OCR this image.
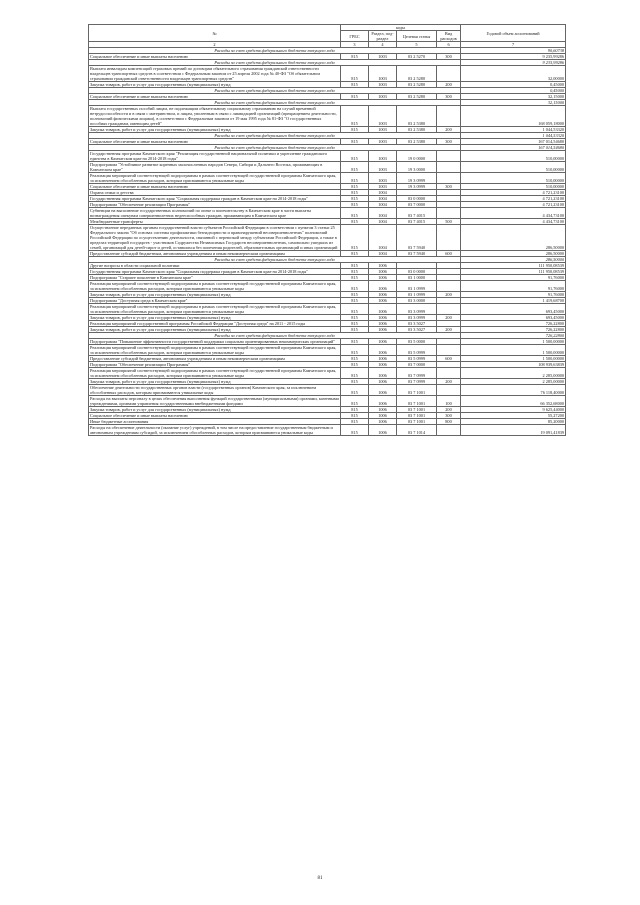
№	коды				Годовой объем ассигнований
	ГРБС	Раздел, под-раздел	Целевая статья	Вид расходов	
2	3	4	5	6	7
Расходы за счет средств федерального бюджета текущего года					90,60738
Социальное обеспечение и иные выплаты населению	815	1003	03 2 5270	300	9 235,99286
Расходы за счет средств федерального бюджета текущего года					9 235,99286
Выплата инвалидам компенсаций страховых премий по договорам обязательного страхования гражданской ответственности владельцев транспортных средств в соответствии с Федеральным законом от 25 апреля 2002 года № 40-ФЗ "Об обязательном страховании гражданской ответственности владельцев транспортных средств"	815	1003	03 2 5280		32,00000
Закупка товаров, работ и услуг для государственных (муниципальных) нужд	815	1003	03 2 5280	200	0,45000
Расходы за счет средств федерального бюджета текущего года					0,45000
Социальное обеспечение и иные выплаты населению	815	1003	03 2 5280	300	32,15000
Расходы за счет средств федерального бюджета текущего года					32,15000
Выплата государственных пособий лицам, не подлежащим обязательному социальному страхованию на случай временной нетрудоспособности и в связи с материнством, и лицам, уволенным в связи с ликвидацией организаций (прекращением деятельности, полномочий физическими лицами), в соответствии с Федеральным законом от 19 мая 1995 года № 81-ФЗ "О государственных пособиях гражданам, имеющим детей"	815	1003	03 2 5380		168 059,18000
Закупка товаров, работ и услуг для государственных (муниципальных) нужд	815	1003	03 2 5380	200	1 044,53320
Расходы за счет средств федерального бюджета текущего года					1 044,53320
Социальное обеспечение и иные выплаты населению	815	1003	03 2 5380	300	167 014,54680
Расходы за счет средств федерального бюджета текущего года					167 014,54680
Государственная программа Камчатского края "Реализация государственной национальной политики и укрепление гражданского единства в Камчатском крае на 2014-2018 годы"	815	1003	19 0 0000		510,00000
Подпрограмма "Устойчивое развитие коренных малочисленных народов Севера, Сибири и Дальнего Востока, проживающих в Камчатском крае"	815	1003	19 3 0000		510,00000
Реализация мероприятий соответствующей подпрограммы в рамках соответствующей государственной программы Камчатского края, за исключением обособленных расходов, которым присваиваются уникальные коды	815	1003	19 3 0999		510,00000
Социальное обеспечение и иные выплаты населению	815	1003	19 3 0999	300	510,00000
Охрана семьи и детства	815	1004			4 721,23100
Государственная программа Камчатского края "Социальная поддержка граждан в Камчатском крае на 2014-2018 годы"	815	1004	03 0 0000		4 721,23100
Подпрограмма "Обеспечение реализации Программы"	815	1004	03 7 0000		4 721,23100
Субвенции на выполнение государственных полномочий по опеке и попечительству в Камчатском крае в части выплаты вознаграждения опекунам совершеннолетних недееспособных граждан, проживающим в Камчатском крае	815	1004	03 7 4015		4 434,73100
Межбюджетные трансферты	815	1004	03 7 4015	500	4 434,73100
Осуществление переданных органам государственной власти субъектов Российской Федерации в соответствии с пунктом 3 статьи 25 Федерального закона "Об основах системы профилактики безнадзорности и правонарушений несовершеннолетних" полномочий Российской Федерации по осуществлению деятельности, связанной с перевозкой между субъектами Российской Федерации, а также в пределах территорий государств - участников Содружества Независимых Государств несовершеннолетних, самовольно ушедших из семей, организаций для детей-сирот и детей, оставшихся без попечения родителей, образовательных организаций и иных организаций	815	1004	03 7 5940		286,50000
Предоставление субсидий бюджетным, автономным учреждениям и иным некоммерческим организациям	815	1004	03 7 5940	600	286,50000
Расходы за счет средств федерального бюджета текущего года					286,50000
Другие вопросы в области социальной политики	815	1006			111 950,08539
Государственная программа Камчатского края "Социальная поддержка граждан в Камчатском крае на 2014-2018 годы"	815	1006	03 0 0000		111 950,08539
Подпрограмма "Старшее поколение в Камчатском крае"	815	1006	03 1 0000		91,76000
Реализация мероприятий соответствующей подпрограммы в рамках соответствующей государственной программы Камчатского края, за исключением обособленных расходов, которым присваиваются уникальные коды	815	1006	03 1 0999		91,76000
Закупка товаров, работ и услуг для государственных (муниципальных) нужд	815	1006	03 1 0999	200	91,76000
Подпрограмма "Доступная среда в Камчатском крае"	815	1006	03 3 0000		1 419,68700
Реализация мероприятий соответствующей подпрограммы в рамках соответствующей государственной программы Камчатского края, за исключением обособленных расходов, которым присваиваются уникальные коды	815	1006	03 3 0999		693,45000
Закупка товаров, работ и услуг для государственных (муниципальных) нужд	815	1006	03 3 0999	200	693,45000
Реализация мероприятий государственной программы Российской Федерации "Доступная среда" на 2011 - 2015 годы	815	1006	03 3 5027		726,22800
Закупка товаров, работ и услуг для государственных (муниципальных) нужд	815	1006	03 3 5027	200	726,22800
Расходы за счет средств федерального бюджета текущего года					726,22800
Подпрограмма "Повышение эффективности государственной поддержки социально ориентированных некоммерческих организаций"	815	1006	03 5 0000		1 500,00000
Реализация мероприятий соответствующей подпрограммы в рамках соответствующей государственной программы Камчатского края, за исключением обособленных расходов, которым присваиваются уникальные коды	815	1006	03 5 0999		1 500,00000
Предоставление субсидий бюджетным, автономным учреждениям и иным некоммерческим организациям	815	1006	03 5 0999	600	1 500,00000
Подпрограмма "Обеспечение реализации Программы"	815	1006	03 7 0000		108 939,63839
Реализация мероприятий соответствующей подпрограммы в рамках соответствующей государственной программы Камчатского края, за исключением обособленных расходов, которым присваиваются уникальные коды	815	1006	03 7 0999		2 285,00000
Закупка товаров, работ и услуг для государственных (муниципальных) нужд	815	1006	03 7 0999	200	2 285,00000
Обеспечение деятельности государственных органов власти (государственных органов) Камчатского края, за исключением обособленных расходов, которым присваиваются уникальные коды	815	1006	03 7 1001		76 118,40000
Расходы на выплаты персоналу в целях обеспечения выполнения функций государственными (муниципальными) органами, казенными учреждениями, органами управления государственными внебюджетными фондами	815	1006	03 7 1001	100	66 352,68000
Закупка товаров, работ и услуг для государственных (муниципальных) нужд	815	1006	03 7 1001	200	9 625,44000
Социальное обеспечение и иные выплаты населению	815	1006	03 7 1001	300	55,27200
Иные бюджетные ассигнования	815	1006	03 7 1001	800	85,20000
Расходы на обеспечение деятельности (оказание услуг) учреждений, в том числе на предоставление государственным бюджетным и автономным учреждениям субсидий, за исключением обособленных расходов, которым присваиваются уникальные коды	815	1006	03 7 1014		19 091,41839
81
